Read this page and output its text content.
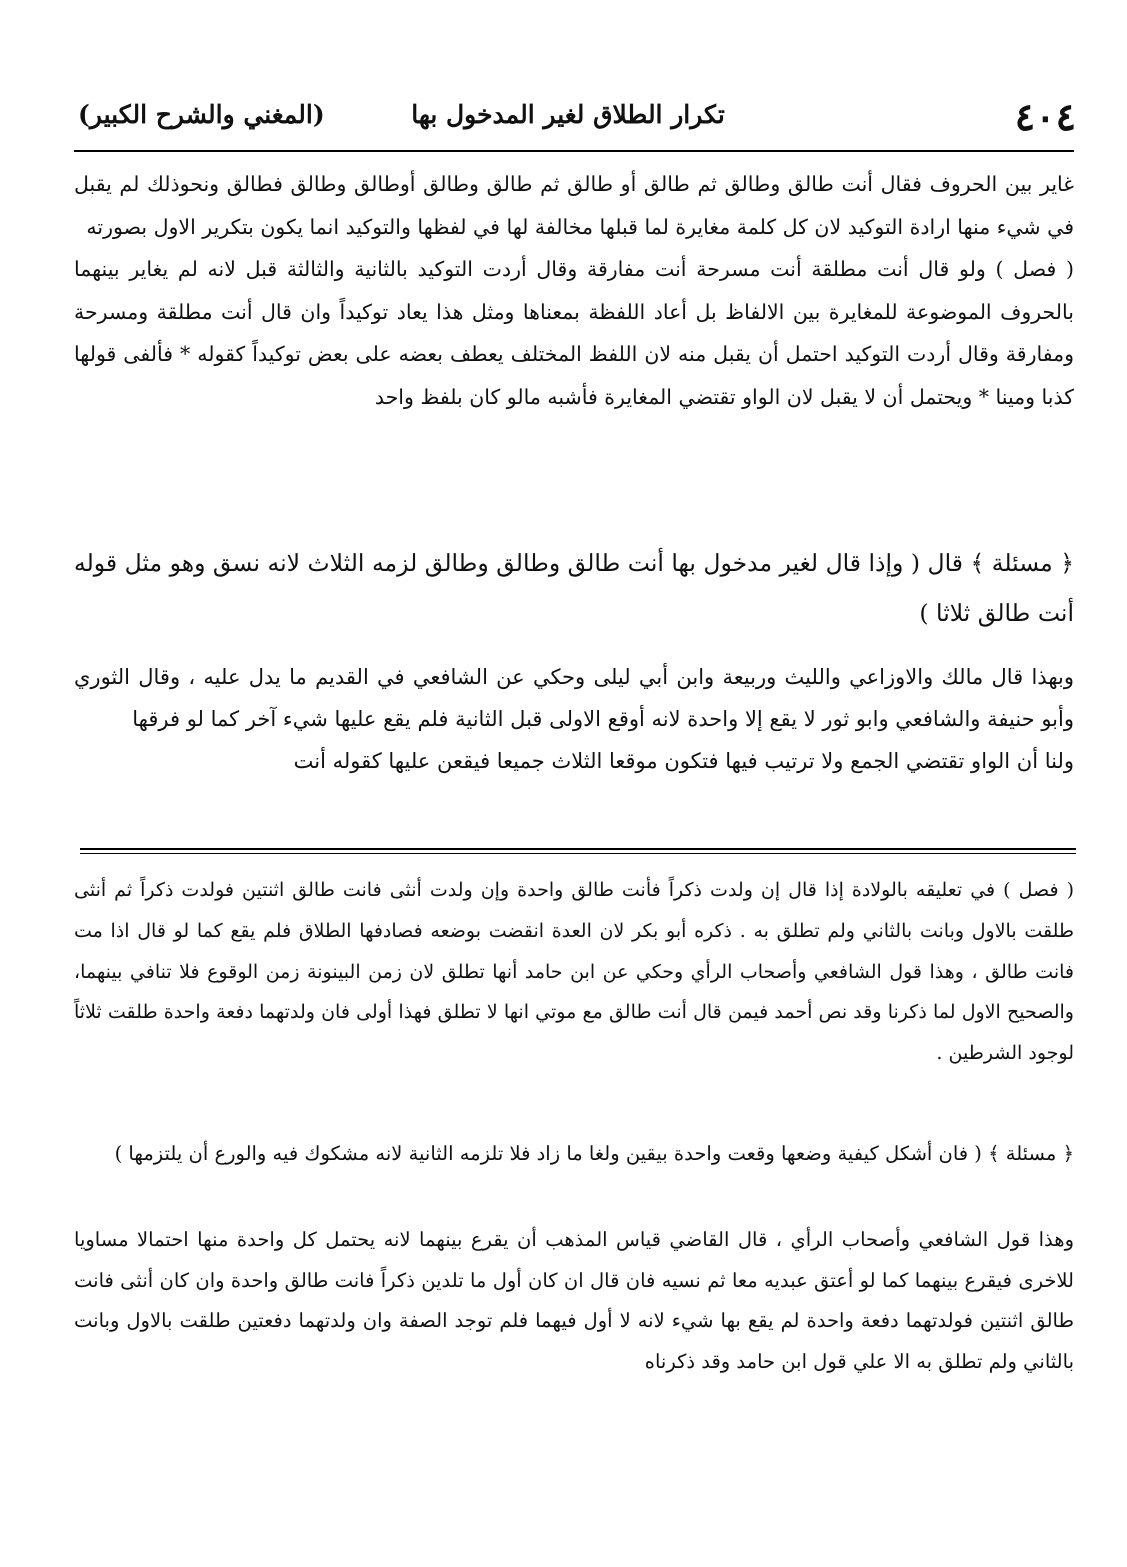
٤٠٤
تكرار الطلاق لغير المدخول بها
(المغني والشرح الكبير)

غاير بين الحروف فقال أنت طالق وطالق ثم طالق أو طالق ثم طالق وطالق أوطالق وطالق فطالق ونحوذلك لم يقبل في شيء منها ارادة التوكيد لان كل كلمة مغايرة لما قبلها مخالفة لها في لفظها والتوكيد انما يكون بتكرير الاول بصورته

( فصل ) ولو قال أنت مطلقة أنت مسرحة أنت مفارقة وقال أردت التوكيد بالثانية والثالثة قبل لانه لم يغاير بينهما بالحروف الموضوعة للمغايرة بين الالفاظ بل أعاد اللفظة بمعناها ومثل هذا يعاد توكيداً وان قال أنت مطلقة ومسرحة ومفارقة وقال أردت التوكيد احتمل أن يقبل منه لان اللفظ المختلف يعطف بعضه على بعض توكيداً كقوله * فألفى قولها كذبا ومينا * ويحتمل أن لا يقبل لان الواو تقتضي المغايرة فأشبه مالو كان بلفظ واحد

﴿ مسئلة ﴾ قال ( وإذا قال لغير مدخول بها أنت طالق وطالق وطالق لزمه الثلاث لانه نسق وهو مثل قوله أنت طالق ثلاثا )

وبهذا قال مالك والاوزاعي والليث وربيعة وابن أبي ليلى وحكي عن الشافعي في القديم ما يدل عليه ، وقال الثوري وأبو حنيفة والشافعي وابو ثور لا يقع إلا واحدة لانه أوقع الاولى قبل الثانية فلم يقع عليها شيء آخر كما لو فرقها

ولنا أن الواو تقتضي الجمع ولا ترتيب فيها فتكون موقعا الثلاث جميعا فيقعن عليها كقوله أنت

( فصل ) في تعليقه بالولادة إذا قال إن ولدت ذكراً فأنت طالق واحدة وإن ولدت أنثى فانت طالق اثنتين فولدت ذكراً ثم أنثى طلقت بالاول وبانت بالثاني ولم تطلق به . ذكره أبو بكر لان العدة انقضت بوضعه فصادفها الطلاق فلم يقع كما لو قال اذا مت فانت طالق ، وهذا قول الشافعي وأصحاب الرأي وحكي عن ابن حامد أنها تطلق لان زمن البينونة زمن الوقوع فلا تنافي بينهما، والصحيح الاول لما ذكرنا وقد نص أحمد فيمن قال أنت طالق مع موتي انها لا تطلق فهذا أولى فان ولدتهما دفعة واحدة طلقت ثلاثاً لوجود الشرطين .

﴿ مسئلة ﴾ ( فان أشكل كيفية وضعها وقعت واحدة بيقين ولغا ما زاد فلا تلزمه الثانية لانه مشكوك فيه والورع أن يلتزمها )

وهذا قول الشافعي وأصحاب الرأي ، قال القاضي قياس المذهب أن يقرع بينهما لانه يحتمل كل واحدة منها احتمالا مساويا للاخرى فيقرع بينهما كما لو أعتق عبديه معا ثم نسيه فان قال ان كان أول ما تلدين ذكراً فانت طالق واحدة وان كان أنثى فانت طالق اثنتين فولدتهما دفعة واحدة لم يقع بها شيء لانه لا أول فيهما فلم توجد الصفة وان ولدتهما دفعتين طلقت بالاول وبانت بالثاني ولم تطلق به الا علي قول ابن حامد وقد ذكرناه
